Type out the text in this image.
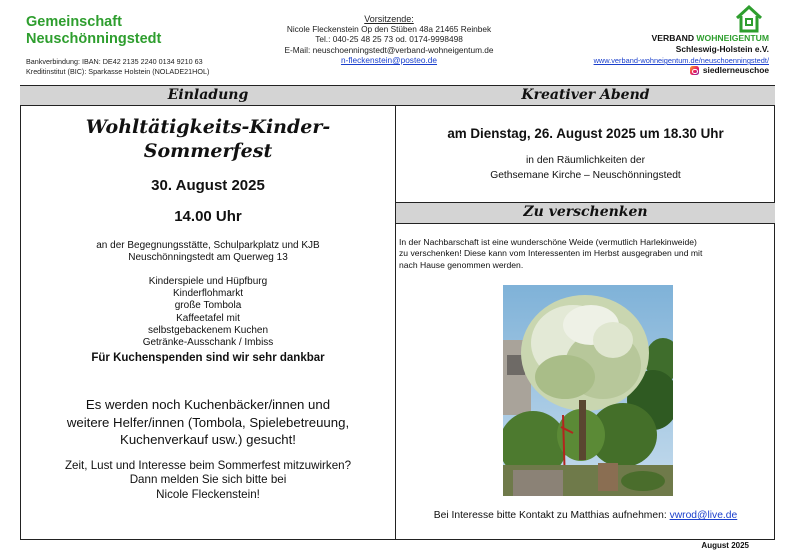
Gemeinschaft
Neuschönningstedt
Bankverbindung: IBAN: DE42 2135 2240 0134 9210 63
Kreditinstitut (BIC): Sparkasse Holstein (NOLADE21HOL)
Vorsitzende:
Nicole Fleckenstein Op den Stüben 48a 21465 Reinbek
Tel.: 040-25 48 25 73 od. 0174-9998498
E-Mail: neuschoenningstedt@verband-wohneigentum.de
n-fleckenstein@posteo.de
VERBAND WOHNEIGENTUM
Schleswig-Holstein e.V.
www.verband-wohneigentum.de/neuschoenningstedt/
siedlerneuschoe
Einladung	Kreativer Abend
Zu verschenken
Wohltätigkeits-Kinder-
Sommerfest
30. August 2025
14.00 Uhr
an der Begegnungsstätte, Schulparkplatz und KJB
Neuschönningstedt am Querweg 13
Kinderspiele und Hüpfburg
Kinderflohmarkt
große Tombola
Kaffeetafel mit
selbstgebackenem Kuchen
Getränke-Ausschank / Imbiss
Für Kuchenspenden sind wir sehr dankbar
Es werden noch Kuchenbäcker/innen und
weitere Helfer/innen (Tombola, Spielebetreuung,
Kuchenverkauf usw.) gesucht!
Zeit, Lust und Interesse beim Sommerfest mitzuwirken?
Dann melden Sie sich bitte bei
Nicole Fleckenstein!
am Dienstag, 26. August 2025 um 18.30 Uhr
in den Räumlichkeiten der
Gethsemane Kirche – Neuschönningstedt
In der Nachbarschaft ist eine wunderschöne Weide (vermutlich Harlekinweide)
zu verschenken! Diese kann vom Interessenten im Herbst ausgegraben und mit
nach Hause genommen werden.
Bei Interesse bitte Kontakt zu Matthias aufnehmen: vwrod@live.de
August 2025
